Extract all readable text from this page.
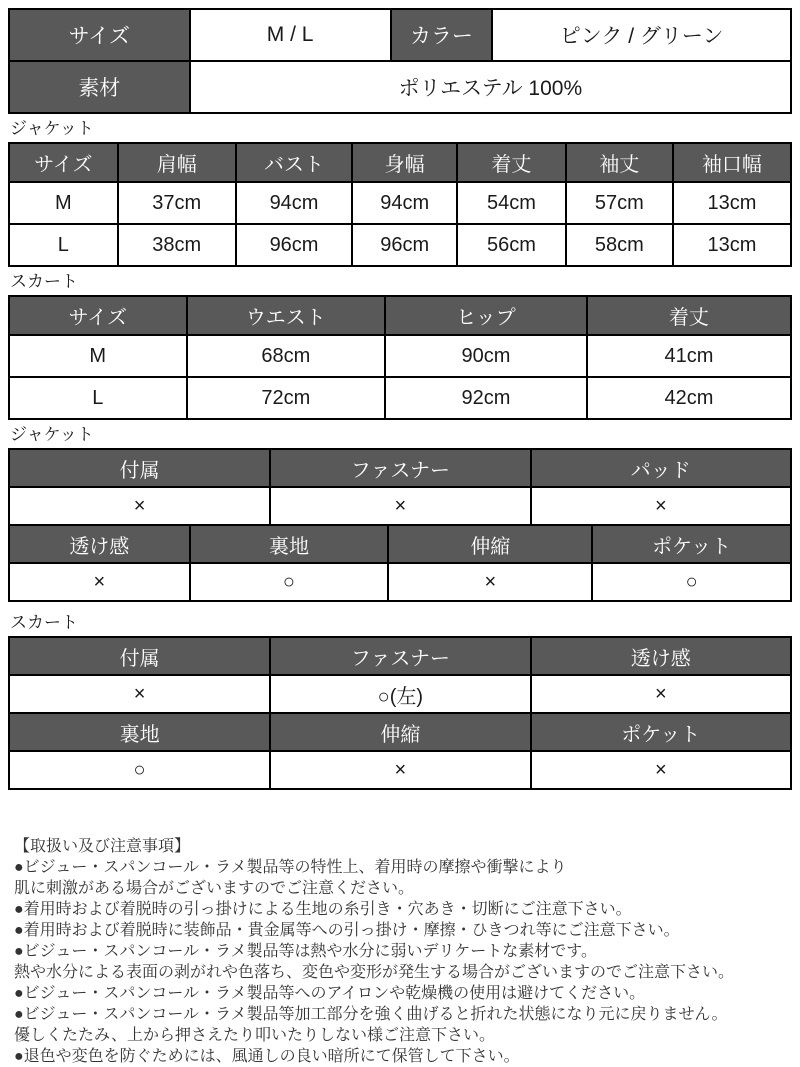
サイズ	M / L	カラー	ピンク / グリーン
素材	ポリエステル 100%		
ジャケット
サイズ	肩幅	バスト	身幅	着丈	袖丈	袖口幅
M	37cm	94cm	94cm	54cm	57cm	13cm
L	38cm	96cm	96cm	56cm	58cm	13cm
スカート
サイズ	ウエスト	ヒップ	着丈
M	68cm	90cm	41cm
L	72cm	92cm	42cm
ジャケット
付属	ファスナー	パッド
×	×	×
透け感	裏地	伸縮	ポケット
×	○	×	○
スカート
付属	ファスナー	透け感
×	○(左)	×
裏地	伸縮	ポケット
○	×	×
【取扱い及び注意事項】
●ビジュー・スパンコール・ラメ製品等の特性上、着用時の摩擦や衝撃により
肌に刺激がある場合がございますのでご注意ください。
●着用時および着脱時の引っ掛けによる生地の糸引き・穴あき・切断にご注意下さい。
●着用時および着脱時に装飾品・貴金属等への引っ掛け・摩擦・ひきつれ等にご注意下さい。
●ビジュー・スパンコール・ラメ製品等は熱や水分に弱いデリケートな素材です。
熱や水分による表面の剥がれや色落ち、変色や変形が発生する場合がございますのでご注意下さい。
●ビジュー・スパンコール・ラメ製品等へのアイロンや乾燥機の使用は避けてください。
●ビジュー・スパンコール・ラメ製品等加工部分を強く曲げると折れた状態になり元に戻りません。
優しくたたみ、上から押さえたり叩いたりしない様ご注意下さい。
●退色や変色を防ぐためには、風通しの良い暗所にて保管して下さい。
